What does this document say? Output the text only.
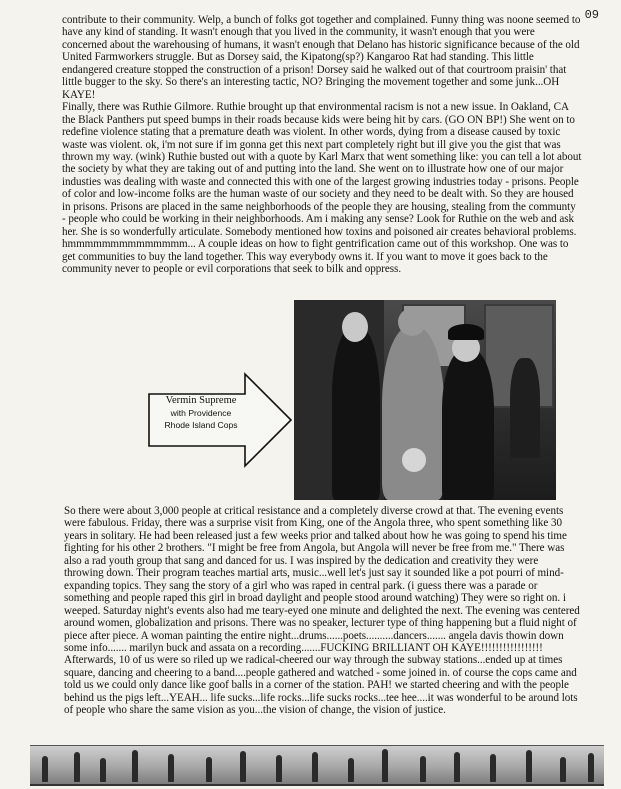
09

contribute to their community. Welp, a bunch of folks got together and complained. Funny thing was noone seemed to have any kind of standing. It wasn't enough that you lived in the community, it wasn't enough that you were concerned about the warehousing of humans, it wasn't enough that Delano has historic significance because of the old United Farmworkers struggle. But as Dorsey said, the Kipatong(sp?) Kangaroo Rat had standing. This little endangered creature stopped the construction of a prison! Dorsey said he walked out of that courtroom praisin' that little bugger to the sky. So there's an interesting tactic, NO? Bringing the movement together and some junk...OH KAYE!
Finally, there was Ruthie Gilmore. Ruthie brought up that environmental racism is not a new issue. In Oakland, CA the Black Panthers put speed bumps in their roads because kids were being hit by cars. (GO ON BP!) She went on to redefine violence stating that a premature death was violent. In other words, dying from a disease caused by toxic waste was violent. ok, i'm not sure if im gonna get this next part completely right but ill give you the gist that was thrown my way. (wink) Ruthie busted out with a quote by Karl Marx that went something like: you can tell a lot about the society by what they are taking out of and putting into the land. She went on to illustrate how one of our major industies was dealing with waste and connected this with one of the largest growing industries today - prisons. People of color and low-income folks are the human waste of our society and they need to be dealt with. So they are housed in prisons. Prisons are placed in the same neighborhoods of the people they are housing, stealing from the communty - people who could be working in their neighborhoods. Am i making any sense? Look for Ruthie on the web and ask her. She is so wonderfully articulate. Somebody mentioned how toxins and poisoned air creates behavioral problems. hmmmmmmmmmmmmmm... A couple ideas on how to fight gentrification came out of this workshop. One was to get communities to buy the land together. This way everybody owns it. If you want to move it goes back to the community never to people or evil corporations that seek to bilk and oppress.

Vermin Supreme
with Providence
Rhode Island Cops

So there were about 3,000 people at critical resistance and a completely diverse crowd at that. The evening events were fabulous. Friday, there was a surprise visit from King, one of the Angola three, who spent something like 30 years in solitary. He had been released just a few weeks prior and talked about how he was going to spend his time fighting for his other 2 brothers. "I might be free from Angola, but Angola will never be free from me." There was also a rad youth group that sang and danced for us. I was inspired by the dedication and creativity they were throwing down. Their program teaches martial arts, music...well let's just say it sounded like a pot pourri of mind-expanding topics. They sang the story of a girl who was raped in central park. (i guess there was a parade or something and people raped this girl in broad daylight and people stood around watching) They were so right on. i weeped. Saturday night's events also had me teary-eyed one minute and delighted the next. The evening was centered around women, globalization and prisons. There was no speaker, lecturer type of thing happening but a fluid night of piece after piece. A woman painting the entire night...drums......poets..........dancers....... angela davis thowin down some info....... marilyn buck and assata on a recording.......FUCKING BRILLIANT OH KAYE!!!!!!!!!!!!!!!!! Afterwards, 10 of us were so riled up we radical-cheered our way through the subway stations...ended up at times square, dancing and cheering to a band....people gathered and watched - some joined in. of course the cops came and told us we could only dance like goof balls in a corner of the station. PAH! we started cheering and with the people behind us the pigs left...YEAH... life sucks...life rocks...life sucks rocks...tee hee....it was wonderful to be around lots of people who share the same vision as you...the vision of change, the vision of justice.
